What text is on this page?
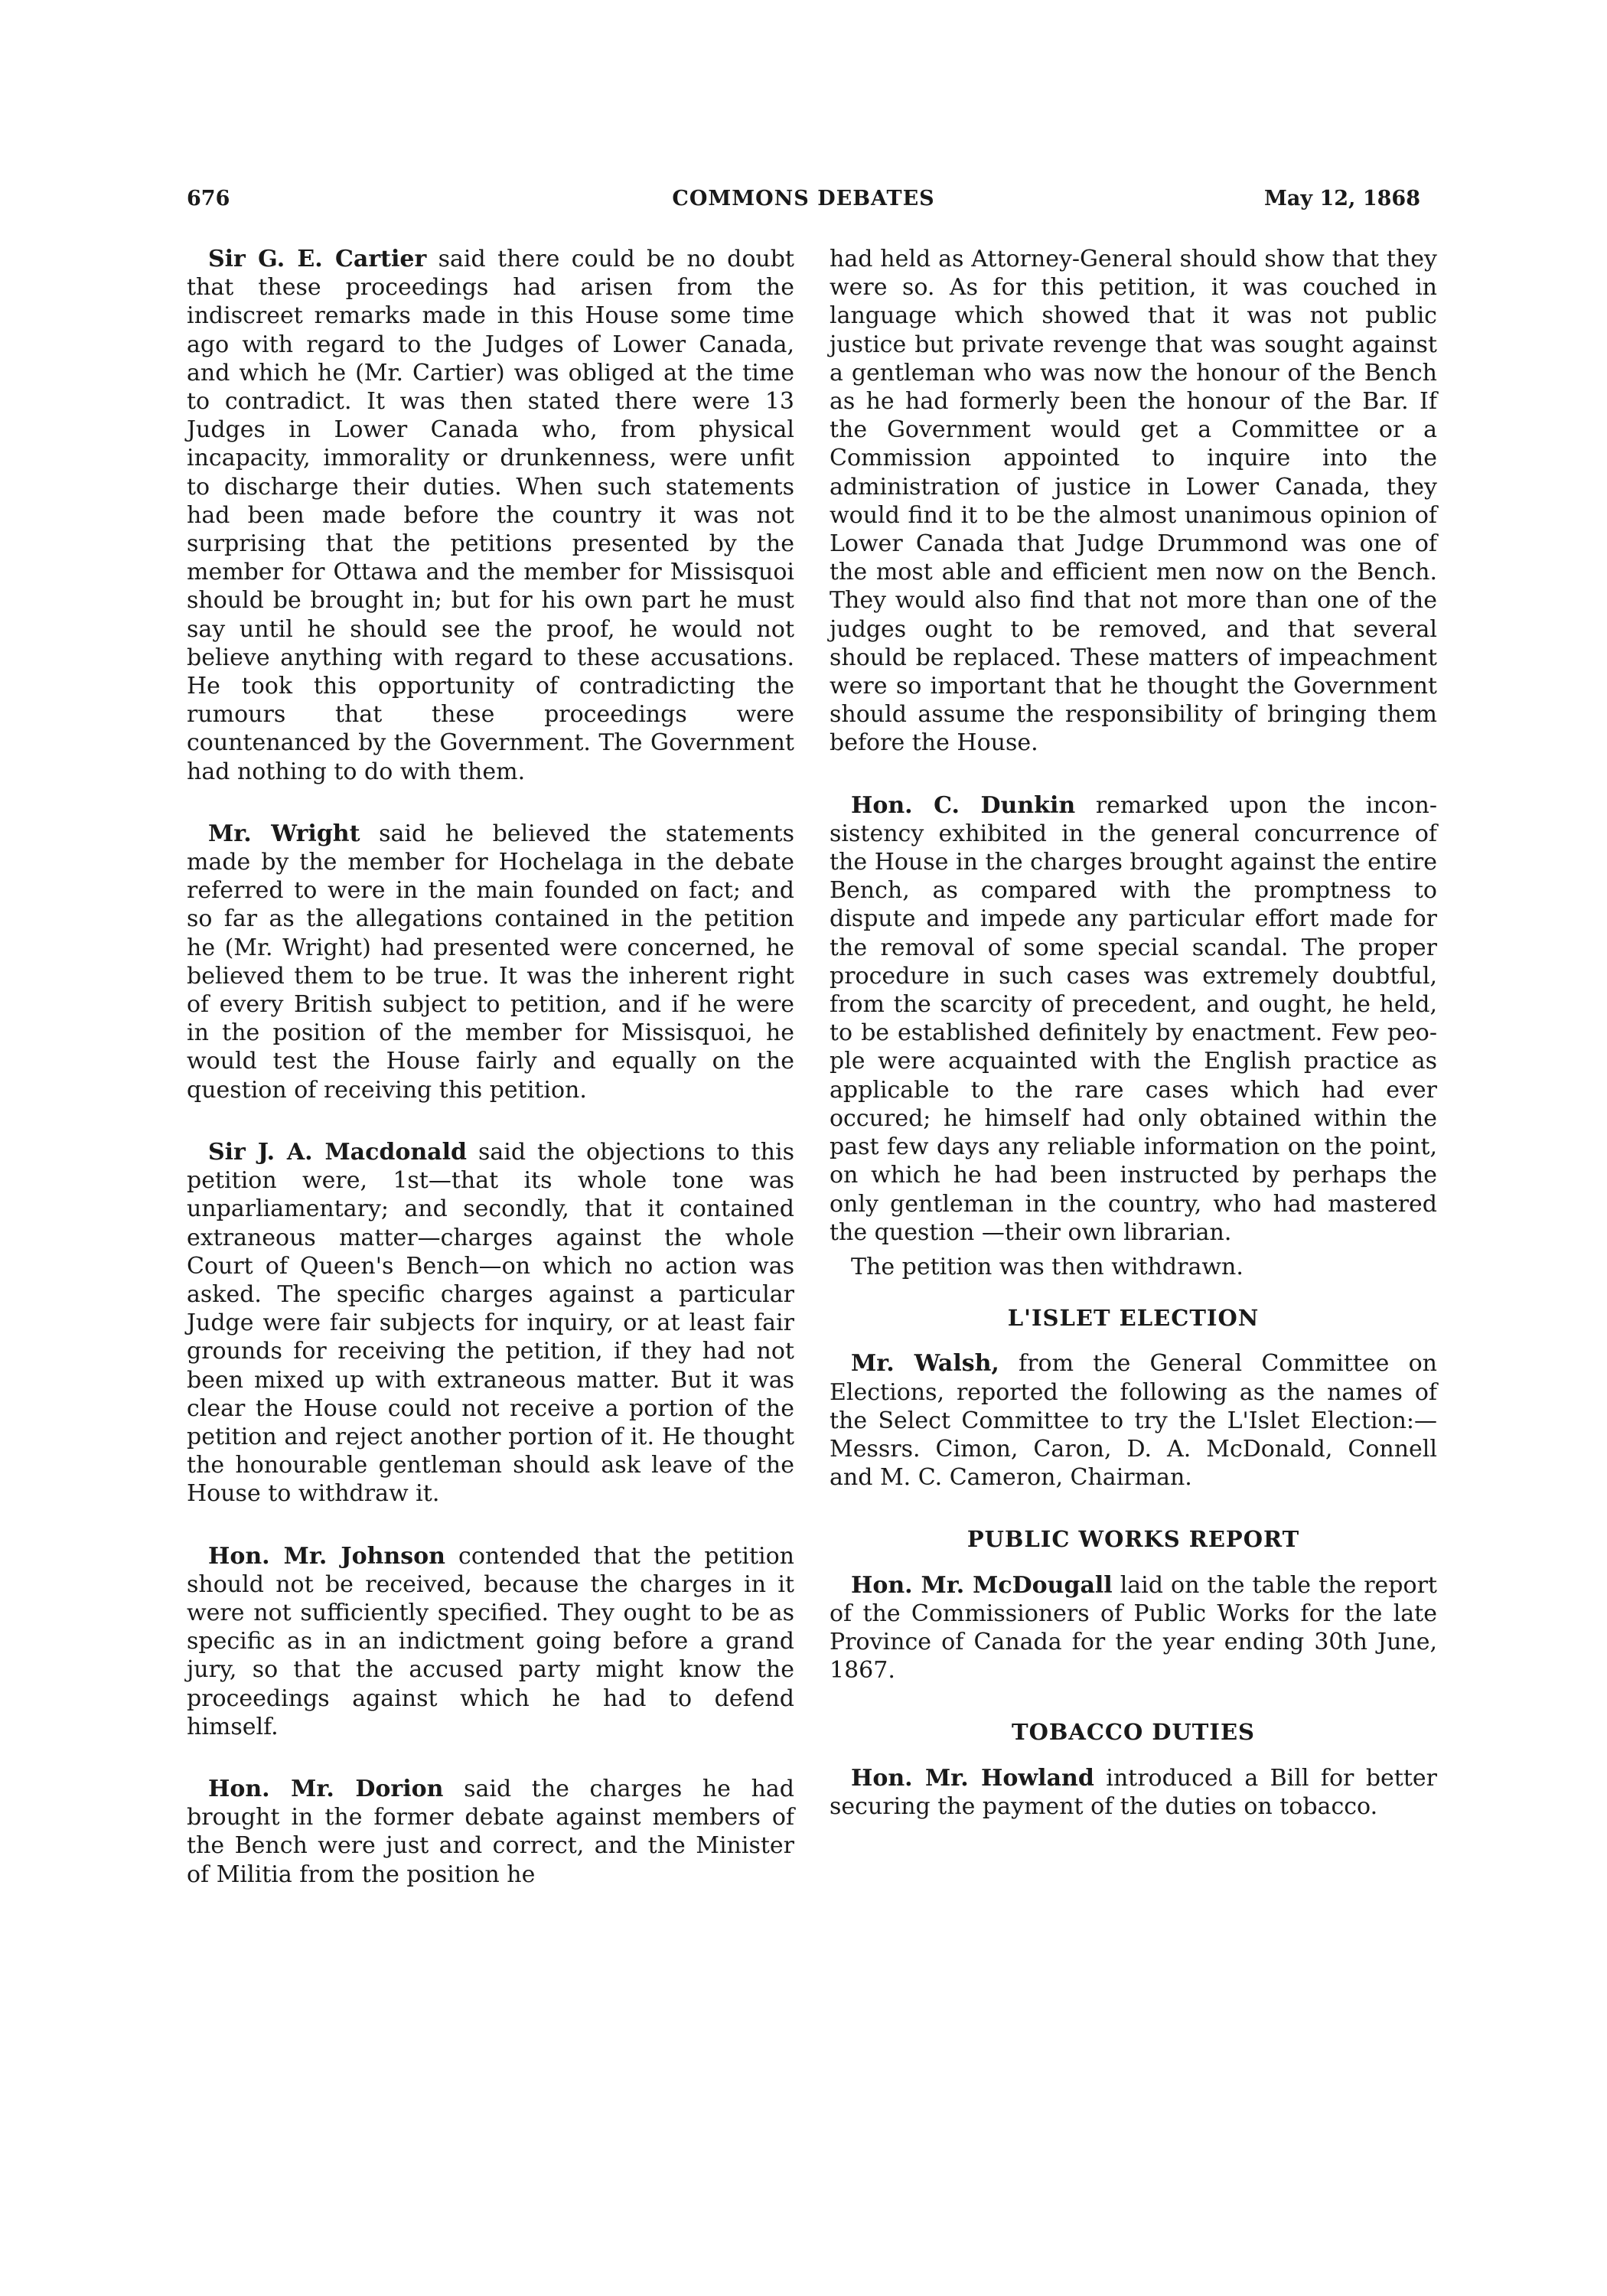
676	COMMONS DEBATES	May 12, 1868

Sir G. E. Cartier said there could be no doubt that these proceedings had arisen from the indiscreet remarks made in this House some time ago with regard to the Judges of Lower Canada, and which he (Mr. Cartier) was obliged at the time to contradict. It was then stated there were 13 Judges in Lower Canada who, from physical incapacity, immorality or drunkenness, were unfit to discharge their duties. When such statements had been made before the country it was not surprising that the petitions presented by the member for Ottawa and the member for Missisquoi should be brought in; but for his own part he must say until he should see the proof, he would not believe anything with regard to these accusations. He took this opportunity of contradicting the rumours that these proceedings were countenanced by the Government. The Government had nothing to do with them.

Mr. Wright said he believed the statements made by the member for Hochelaga in the debate referred to were in the main founded on fact; and so far as the allegations contained in the petition he (Mr. Wright) had presented were concerned, he believed them to be true. It was the inherent right of every British subject to petition, and if he were in the position of the member for Missisquoi, he would test the House fairly and equally on the question of receiving this petition.

Sir J. A. Macdonald said the objections to this petition were, 1st—that its whole tone was unparliamentary; and secondly, that it contained extraneous matter—charges against the whole Court of Queen's Bench—on which no action was asked. The specific charges against a particular Judge were fair subjects for inquiry, or at least fair grounds for receiving the petition, if they had not been mixed up with extraneous matter. But it was clear the House could not receive a portion of the petition and reject another portion of it. He thought the honourable gentleman should ask leave of the House to withdraw it.

Hon. Mr. Johnson contended that the petition should not be received, because the charges in it were not sufficiently specified. They ought to be as specific as in an indictment going before a grand jury, so that the accused party might know the proceedings against which he had to defend himself.

Hon. Mr. Dorion said the charges he had brought in the former debate against members of the Bench were just and correct, and the Minister of Militia from the position he

had held as Attorney-General should show that they were so. As for this petition, it was couched in language which showed that it was not public justice but private revenge that was sought against a gentleman who was now the honour of the Bench as he had formerly been the honour of the Bar. If the Government would get a Committee or a Commission appointed to inquire into the administration of justice in Lower Canada, they would find it to be the almost unanimous opinion of Lower Canada that Judge Drummond was one of the most able and efficient men now on the Bench. They would also find that not more than one of the judges ought to be removed, and that several should be replaced. These matters of impeachment were so important that he thought the Government should assume the responsibility of bringing them before the House.

Hon. C. Dunkin remarked upon the inconsistency exhibited in the general concurrence of the House in the charges brought against the entire Bench, as compared with the promptness to dispute and impede any particular effort made for the removal of some special scandal. The proper procedure in such cases was extremely doubtful, from the scarcity of precedent, and ought, he held, to be established definitely by enactment. Few people were acquainted with the English practice as applicable to the rare cases which had ever occured; he himself had only obtained within the past few days any reliable information on the point, on which he had been instructed by perhaps the only gentleman in the country, who had mastered the question —their own librarian.

The petition was then withdrawn.

L'ISLET ELECTION

Mr. Walsh, from the General Committee on Elections, reported the following as the names of the Select Committee to try the L'Islet Election:—Messrs. Cimon, Caron, D. A. McDonald, Connell and M. C. Cameron, Chairman.

PUBLIC WORKS REPORT

Hon. Mr. McDougall laid on the table the report of the Commissioners of Public Works for the late Province of Canada for the year ending 30th June, 1867.

TOBACCO DUTIES

Hon. Mr. Howland introduced a Bill for better securing the payment of the duties on tobacco.
